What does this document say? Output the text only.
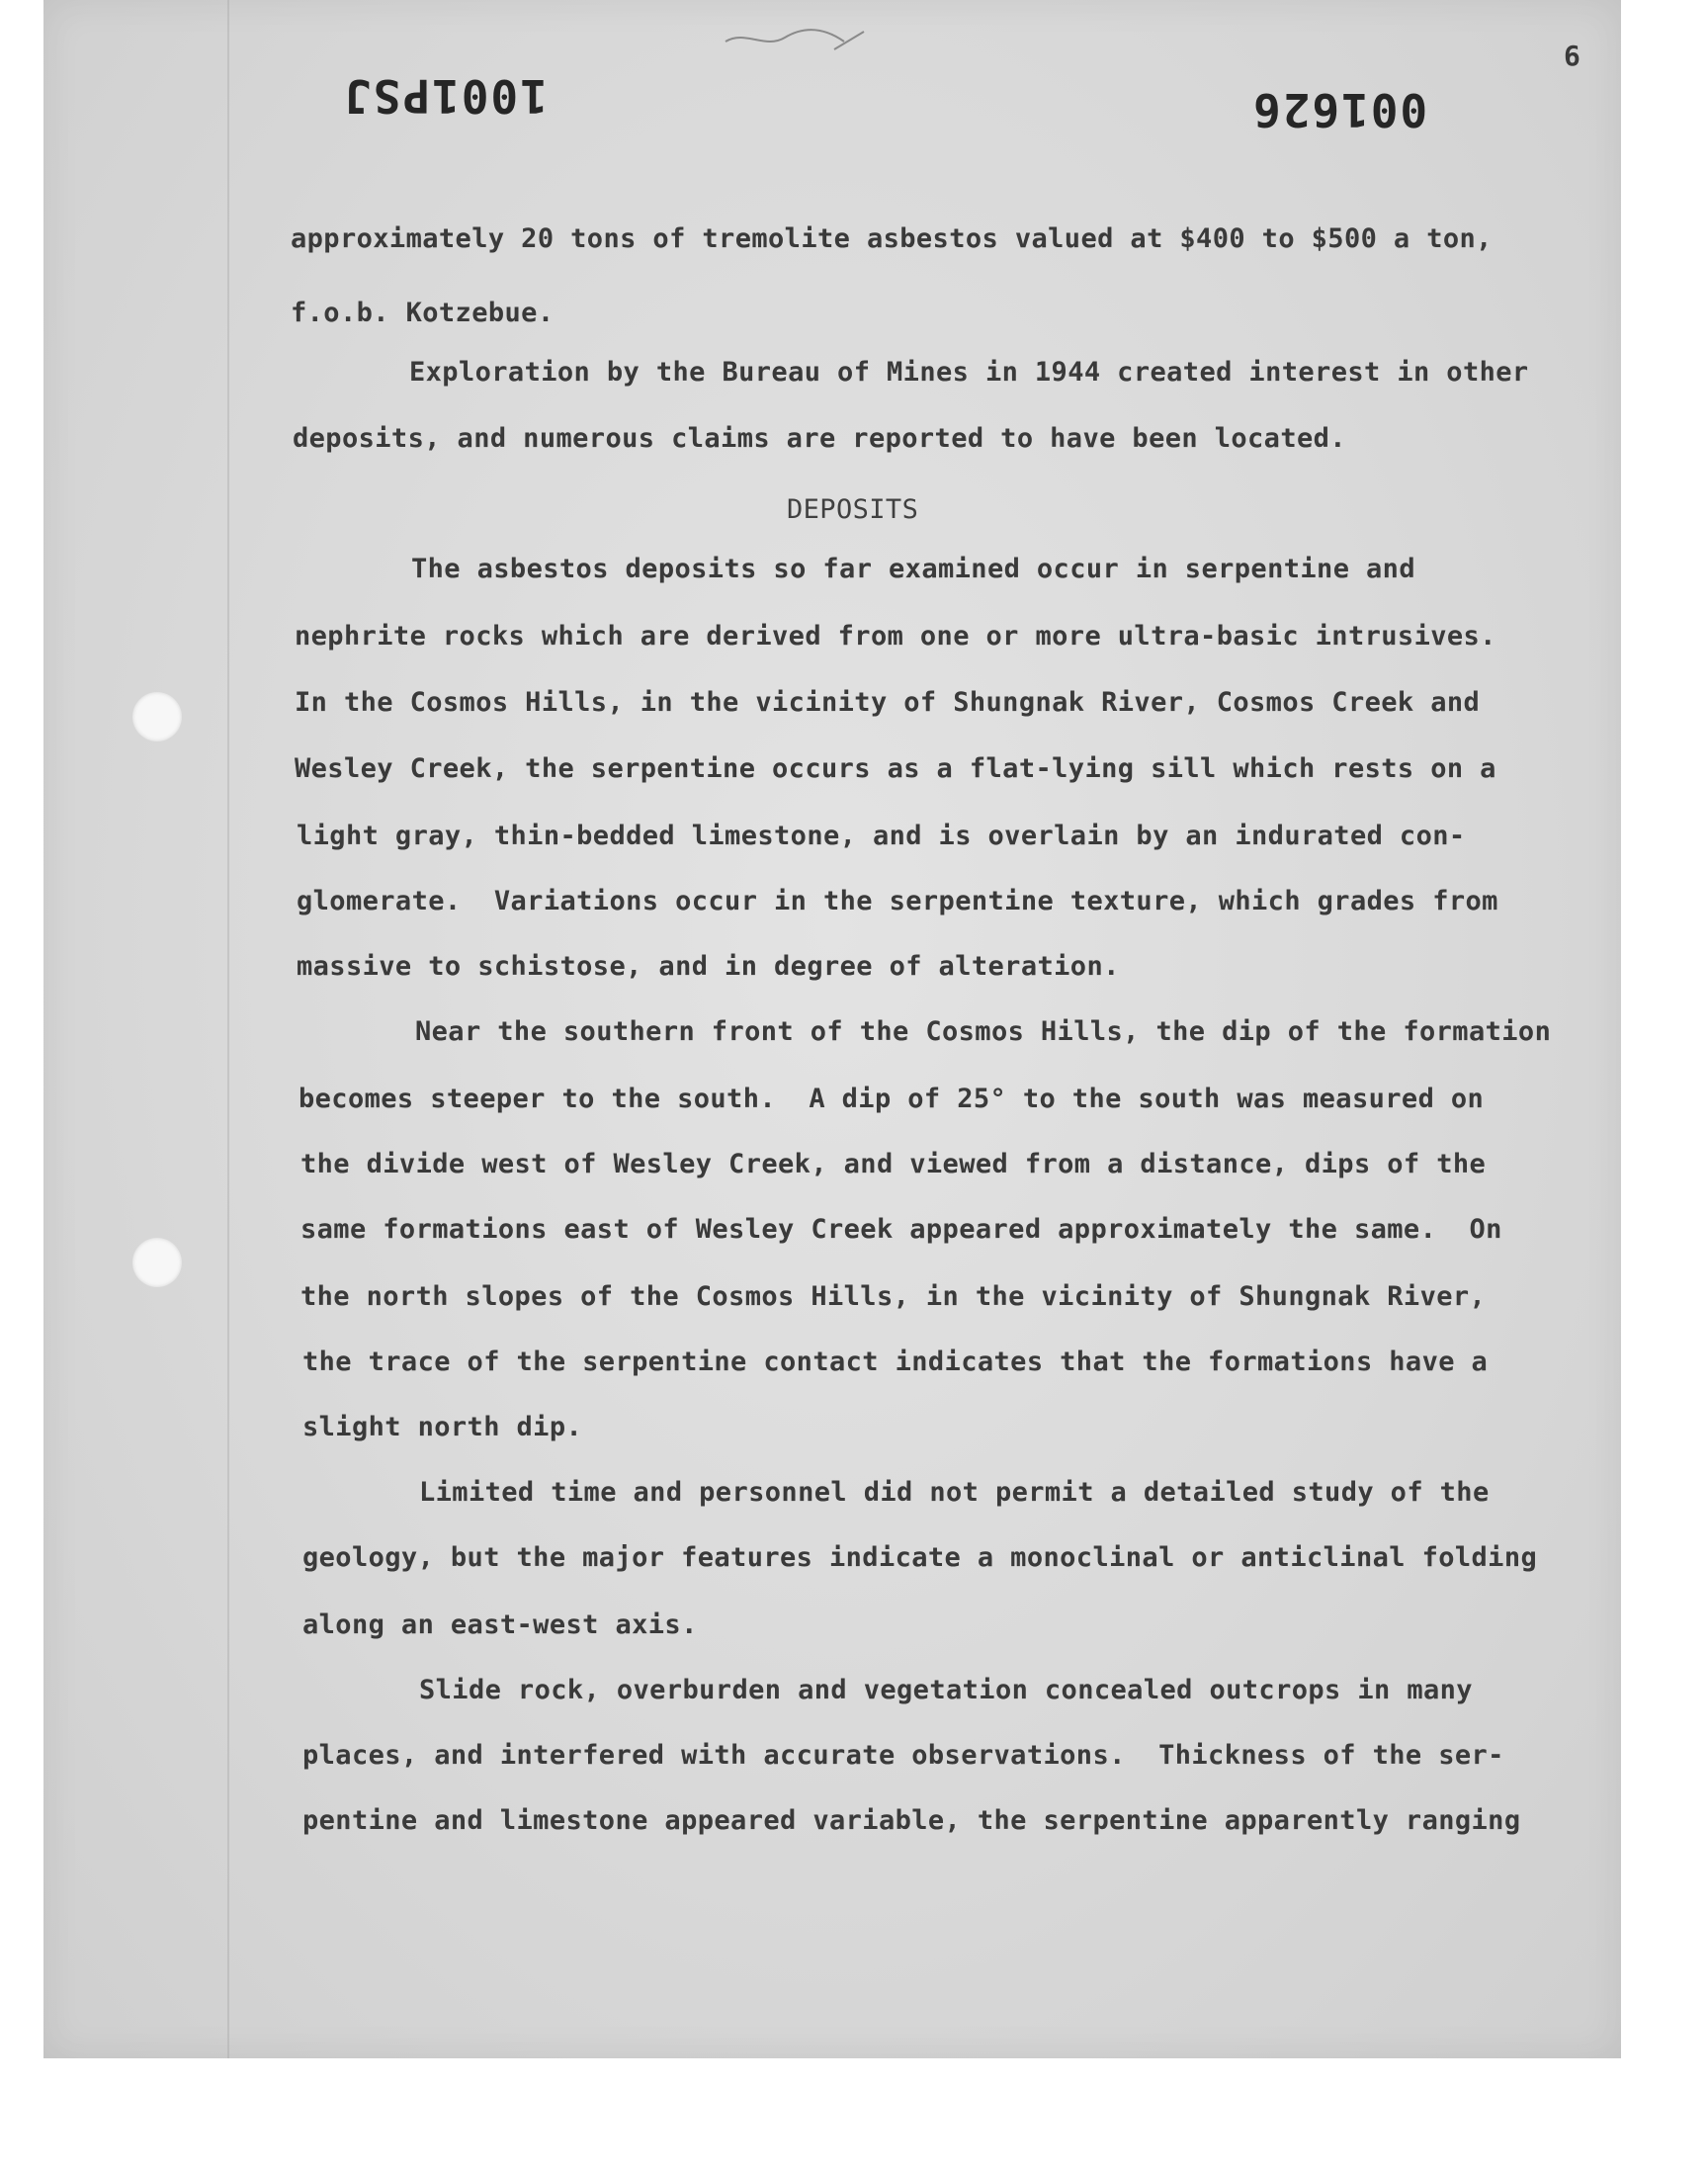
1001PSJ	001626
6
approximately 20 tons of tremolite asbestos valued at $400 to $500 a ton,
f.o.b. Kotzebue.
Exploration by the Bureau of Mines in 1944 created interest in other
deposits, and numerous claims are reported to have been located.
DEPOSITS
The asbestos deposits so far examined occur in serpentine and
nephrite rocks which are derived from one or more ultra-basic intrusives.
In the Cosmos Hills, in the vicinity of Shungnak River, Cosmos Creek and
Wesley Creek, the serpentine occurs as a flat-lying sill which rests on a
light gray, thin-bedded limestone, and is overlain by an indurated con-
glomerate.  Variations occur in the serpentine texture, which grades from
massive to schistose, and in degree of alteration.
Near the southern front of the Cosmos Hills, the dip of the formation
becomes steeper to the south.  A dip of 25° to the south was measured on
the divide west of Wesley Creek, and viewed from a distance, dips of the
same formations east of Wesley Creek appeared approximately the same.  On
the north slopes of the Cosmos Hills, in the vicinity of Shungnak River,
the trace of the serpentine contact indicates that the formations have a
slight north dip.
Limited time and personnel did not permit a detailed study of the
geology, but the major features indicate a monoclinal or anticlinal folding
along an east-west axis.
Slide rock, overburden and vegetation concealed outcrops in many
places, and interfered with accurate observations.  Thickness of the ser-
pentine and limestone appeared variable, the serpentine apparently ranging
